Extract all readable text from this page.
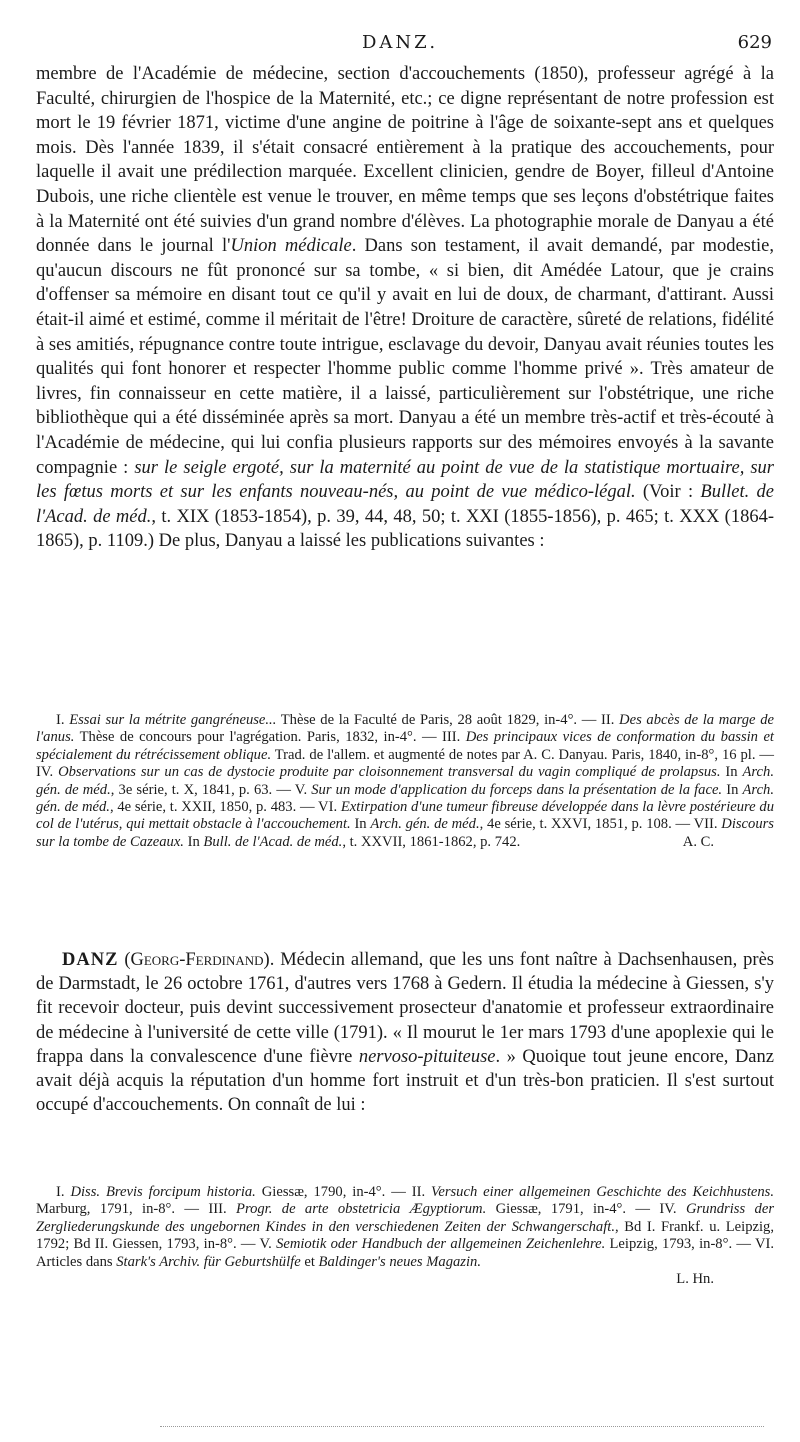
DANZ.	629

membre de l'Académie de médecine, section d'accouchements (1850), professeur agrégé à la Faculté, chirurgien de l'hospice de la Maternité, etc.; ce digne représentant de notre profession est mort le 19 février 1871, victime d'une angine de poitrine à l'âge de soixante-sept ans et quelques mois. Dès l'année 1839, il s'était consacré entièrement à la pratique des accouchements, pour laquelle il avait une prédilection marquée. Excellent clinicien, gendre de Boyer, filleul d'Antoine Dubois, une riche clientèle est venue le trouver, en même temps que ses leçons d'obstétrique faites à la Maternité ont été suivies d'un grand nombre d'élèves. La photographie morale de Danyau a été donnée dans le journal l'Union médicale. Dans son testament, il avait demandé, par modestie, qu'aucun discours ne fût prononcé sur sa tombe, « si bien, dit Amédée Latour, que je crains d'offenser sa mémoire en disant tout ce qu'il y avait en lui de doux, de charmant, d'attirant. Aussi était-il aimé et estimé, comme il méritait de l'être! Droiture de caractère, sûreté de relations, fidélité à ses amitiés, répugnance contre toute intrigue, esclavage du devoir, Danyau avait réunies toutes les qualités qui font honorer et respecter l'homme public comme l'homme privé ». Très amateur de livres, fin connaisseur en cette matière, il a laissé, particulièrement sur l'obstétrique, une riche bibliothèque qui a été disséminée après sa mort. Danyau a été un membre très-actif et très-écouté à l'Académie de médecine, qui lui confia plusieurs rapports sur des mémoires envoyés à la savante compagnie : sur le seigle ergoté, sur la maternité au point de vue de la statistique mortuaire, sur les fœtus morts et sur les enfants nouveau-nés, au point de vue médico-légal. (Voir : Bullet. de l'Acad. de méd., t. XIX (1853-1854), p. 39, 44, 48, 50; t. XXI (1855-1856), p. 465; t. XXX (1864-1865), p. 1109.) De plus, Danyau a laissé les publications suivantes :

I. Essai sur la métrite gangréneuse... Thèse de la Faculté de Paris, 28 août 1829, in-4°. — II. Des abcès de la marge de l'anus. Thèse de concours pour l'agrégation. Paris, 1832, in-4°. — III. Des principaux vices de conformation du bassin et spécialement du rétrécissement oblique. Trad. de l'allem. et augmenté de notes par A. C. Danyau. Paris, 1840, in-8°, 16 pl. — IV. Observations sur un cas de dystocie produite par cloisonnement transversal du vagin compliqué de prolapsus. In Arch. gén. de méd., 3e série, t. X, 1841, p. 63. — V. Sur un mode d'application du forceps dans la présentation de la face. In Arch. gén. de méd., 4e série, t. XXII, 1850, p. 483. — VI. Extirpation d'une tumeur fibreuse développée dans la lèvre postérieure du col de l'utérus, qui mettait obstacle à l'accouchement. In Arch. gén. de méd., 4e série, t. XXVI, 1851, p. 108. — VII. Discours sur la tombe de Cazeaux. In Bull. de l'Acad. de méd., t. XXVII, 1861-1862, p. 742.	A. C.

DANZ (Georg-Ferdinand). Médecin allemand, que les uns font naître à Dachsenhausen, près de Darmstadt, le 26 octobre 1761, d'autres vers 1768 à Gedern. Il étudia la médecine à Giessen, s'y fit recevoir docteur, puis devint successivement prosecteur d'anatomie et professeur extraordinaire de médecine à l'université de cette ville (1791). « Il mourut le 1er mars 1793 d'une apoplexie qui le frappa dans la convalescence d'une fièvre nervoso-pituiteuse. » Quoique tout jeune encore, Danz avait déjà acquis la réputation d'un homme fort instruit et d'un très-bon praticien. Il s'est surtout occupé d'accouchements. On connaît de lui :

I. Diss. Brevis forcipum historia. Giessæ, 1790, in-4°. — II. Versuch einer allgemeinen Geschichte des Keichhustens. Marburg, 1791, in-8°. — III. Progr. de arte obstetricia Ægyptiorum. Giessæ, 1791, in-4°. — IV. Grundriss der Zergliederungskunde des ungebornen Kindes in den verschiedenen Zeiten der Schwangerschaft., Bd I. Frankf. u. Leipzig, 1792; Bd II. Giessen, 1793, in-8°. — V. Semiotik oder Handbuch der allgemeinen Zeichenlehre. Leipzig, 1793, in-8°. — VI. Articles dans Stark's Archiv. für Geburtshülfe et Baldinger's neues Magazin.

L. Hn.
